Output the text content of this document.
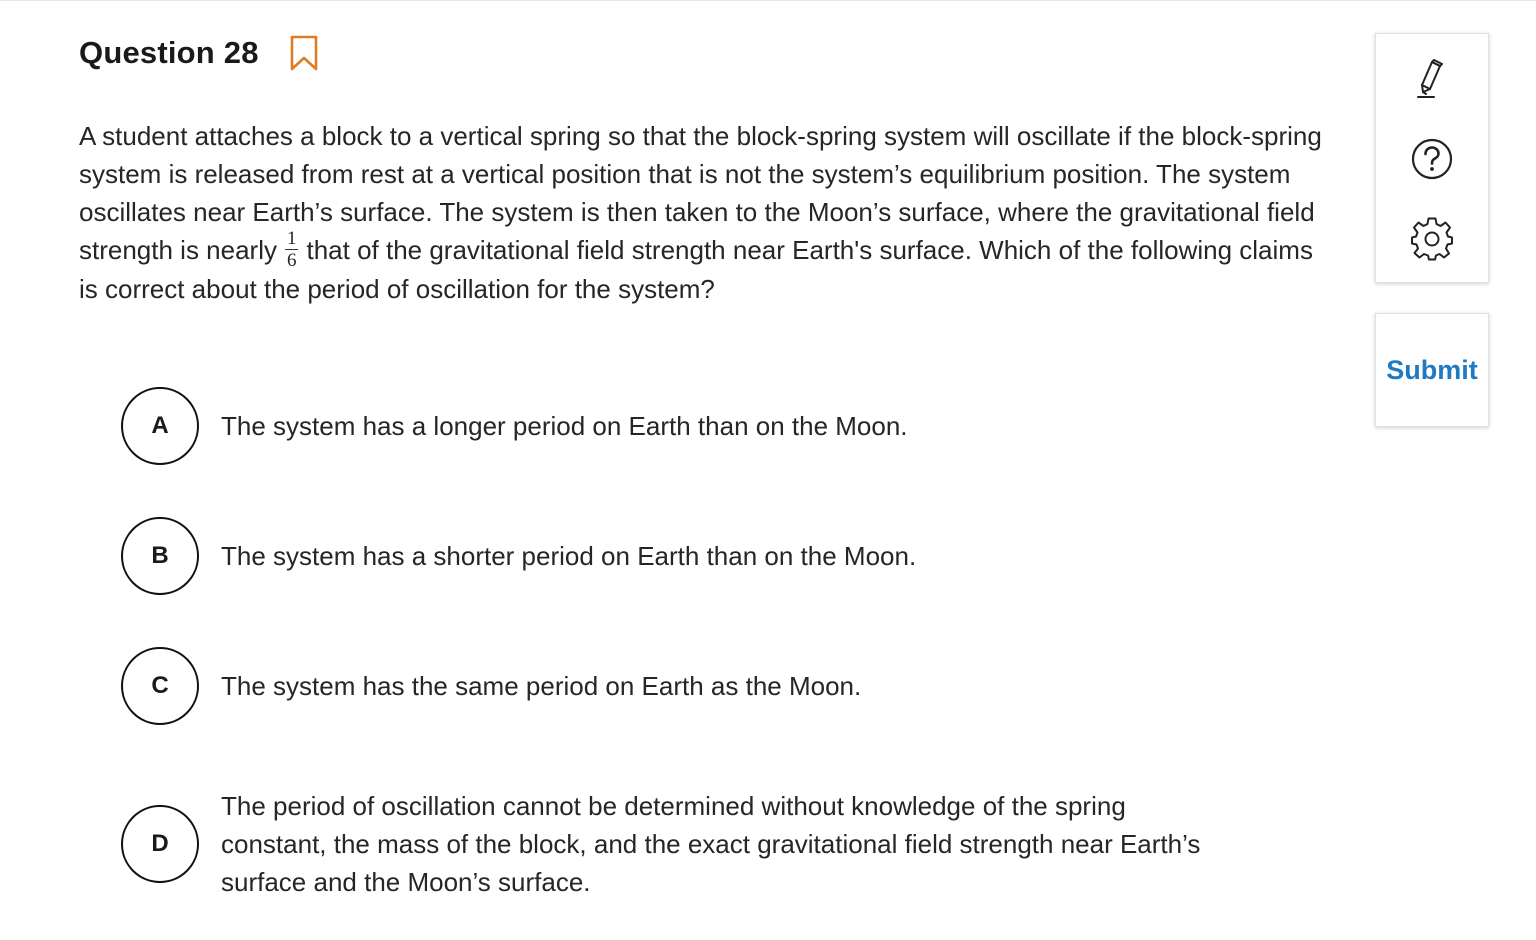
Question 28
A student attaches a block to a vertical spring so that the block-spring system will oscillate if the block-spring system is released from rest at a vertical position that is not the system’s equilibrium position. The system oscillates near Earth’s surface. The system is then taken to the Moon’s surface, where the gravitational field strength is nearly $\frac{1}{6}$ that of the gravitational field strength near Earth's surface. Which of the following claims is correct about the period of oscillation for the system?
A	The system has a longer period on Earth than on the Moon.
B	The system has a shorter period on Earth than on the Moon.
C	The system has the same period on Earth as the Moon.
D
The period of oscillation cannot be determined without knowledge of the spring constant, the mass of the block, and the exact gravitational field strength near Earth’s surface and the Moon’s surface.
Submit
